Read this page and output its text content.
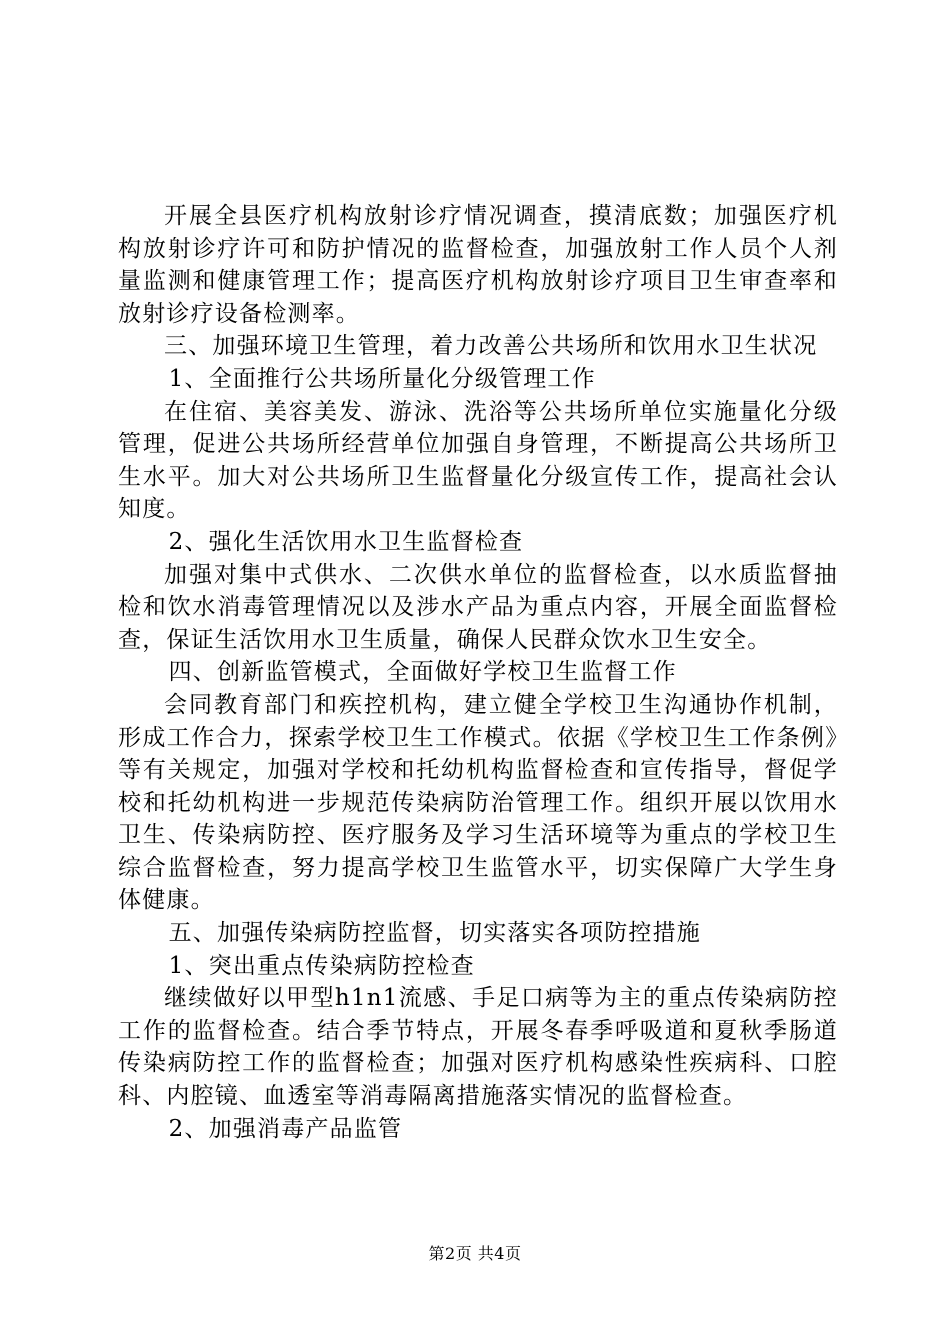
开展全县医疗机构放射诊疗情况调查，摸清底数；加强医疗机构放射诊疗许可和防护情况的监督检查，加强放射工作人员个人剂量监测和健康管理工作；提高医疗机构放射诊疗项目卫生审查率和放射诊疗设备检测率。

三、加强环境卫生管理，着力改善公共场所和饮用水卫生状况

1、全面推行公共场所量化分级管理工作

在住宿、美容美发、游泳、洗浴等公共场所单位实施量化分级管理，促进公共场所经营单位加强自身管理，不断提高公共场所卫生水平。加大对公共场所卫生监督量化分级宣传工作，提高社会认知度。

2、强化生活饮用水卫生监督检查

加强对集中式供水、二次供水单位的监督检查，以水质监督抽检和饮水消毒管理情况以及涉水产品为重点内容，开展全面监督检查，保证生活饮用水卫生质量，确保人民群众饮水卫生安全。

四、创新监管模式，全面做好学校卫生监督工作

会同教育部门和疾控机构，建立健全学校卫生沟通协作机制，形成工作合力，探索学校卫生工作模式。依据《学校卫生工作条例》等有关规定，加强对学校和托幼机构监督检查和宣传指导，督促学校和托幼机构进一步规范传染病防治管理工作。组织开展以饮用水卫生、传染病防控、医疗服务及学习生活环境等为重点的学校卫生综合监督检查，努力提高学校卫生监管水平，切实保障广大学生身体健康。

五、加强传染病防控监督，切实落实各项防控措施

1、突出重点传染病防控检查

继续做好以甲型h1n1流感、手足口病等为主的重点传染病防控工作的监督检查。结合季节特点，开展冬春季呼吸道和夏秋季肠道传染病防控工作的监督检查；加强对医疗机构感染性疾病科、口腔科、内腔镜、血透室等消毒隔离措施落实情况的监督检查。

2、加强消毒产品监管

第2页 共4页
